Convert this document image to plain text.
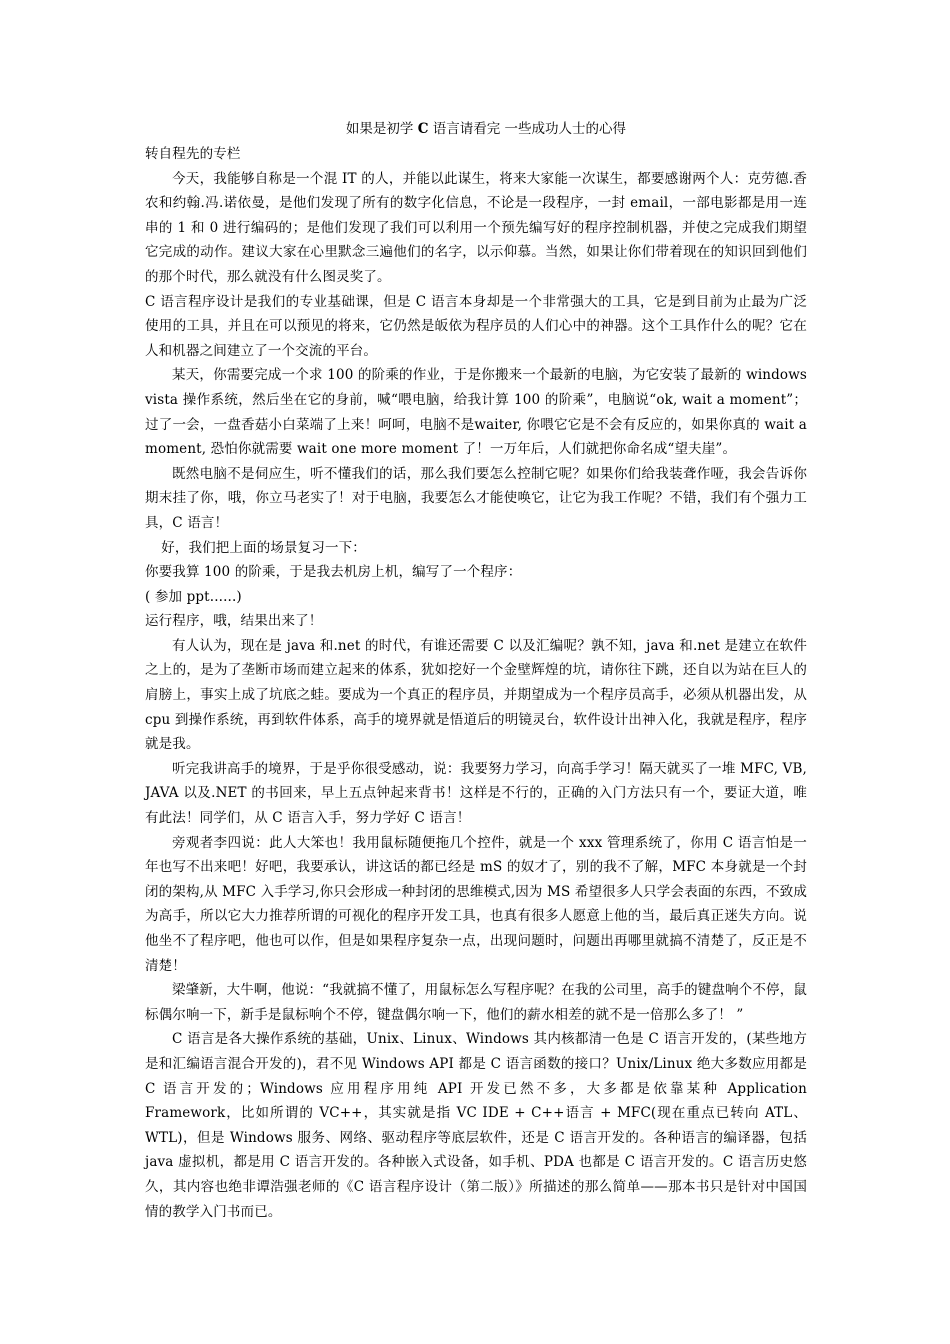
如果是初学 C 语言请看完 一些成功人士的心得

转自程先的专栏

今天，我能够自称是一个混 IT 的人，并能以此谋生，将来大家能一次谋生，都要感谢两个人：克劳德.香农和约翰.冯.诺依曼，是他们发现了所有的数字化信息，不论是一段程序，一封 email，一部电影都是用一连串的 1 和 0 进行编码的；是他们发现了我们可以利用一个预先编写好的程序控制机器，并使之完成我们期望它完成的动作。建议大家在心里默念三遍他们的名字，以示仰慕。当然，如果让你们带着现在的知识回到他们的那个时代，那么就没有什么图灵奖了。

C 语言程序设计是我们的专业基础课，但是 C 语言本身却是一个非常强大的工具，它是到目前为止最为广泛使用的工具，并且在可以预见的将来，它仍然是皈依为程序员的人们心中的神器。这个工具作什么的呢？它在人和机器之间建立了一个交流的平台。

某天，你需要完成一个求 100 的阶乘的作业，于是你搬来一个最新的电脑，为它安装了最新的 windows vista 操作系统，然后坐在它的身前，喊“喂电脑，给我计算 100 的阶乘”，电脑说“ok, wait a moment”； 过了一会，一盘香菇小白菜端了上来！呵呵，电脑不是waiter, 你喂它它是不会有反应的，如果你真的 wait a moment, 恐怕你就需要 wait one more moment 了！一万年后，人们就把你命名成“望夫崖”。

既然电脑不是伺应生，听不懂我们的话，那么我们要怎么控制它呢？如果你们给我装聋作哑，我会告诉你期末挂了你，哦，你立马老实了！对于电脑，我要怎么才能使唤它，让它为我工作呢？不错，我们有个强力工具，C 语言！

好，我们把上面的场景复习一下：

你要我算 100 的阶乘，于是我去机房上机，编写了一个程序：

( 参加 ppt......)

运行程序，哦，结果出来了！

有人认为，现在是 java 和.net 的时代，有谁还需要 C 以及汇编呢？孰不知，java 和.net 是建立在软件之上的，是为了垄断市场而建立起来的体系，犹如挖好一个金壁辉煌的坑，请你往下跳，还自以为站在巨人的肩膀上，事实上成了坑底之蛙。要成为一个真正的程序员，并期望成为一个程序员高手，必须从机器出发，从 cpu 到操作系统，再到软件体系，高手的境界就是悟道后的明镜灵台，软件设计出神入化，我就是程序，程序就是我。

听完我讲高手的境界，于是乎你很受感动，说：我要努力学习，向高手学习！隔天就买了一堆 MFC, VB, JAVA 以及.NET 的书回来，早上五点钟起来背书！这样是不行的，正确的入门方法只有一个，要证大道，唯有此法！同学们，从 C 语言入手，努力学好 C 语言！

旁观者李四说：此人大笨也！我用鼠标随便拖几个控件，就是一个 xxx 管理系统了，你用 C 语言怕是一年也写不出来吧！好吧，我要承认，讲这话的都已经是 mS 的奴才了，别的我不了解，MFC 本身就是一个封闭的架构,从 MFC 入手学习,你只会形成一种封闭的思维模式,因为 MS 希望很多人只学会表面的东西，不致成为高手，所以它大力推荐所谓的可视化的程序开发工具，也真有很多人愿意上他的当，最后真正迷失方向。说他坐不了程序吧，他也可以作，但是如果程序复杂一点，出现问题时，问题出再哪里就搞不清楚了，反正是不清楚！

梁肇新，大牛啊，他说：“我就搞不懂了，用鼠标怎么写程序呢？在我的公司里，高手的键盘响个不停，鼠标偶尔响一下，新手是鼠标响个不停，键盘偶尔响一下，他们的薪水相差的就不是一倍那么多了！ ”

C 语言是各大操作系统的基础，Unix、Linux、Windows 其内核都清一色是 C 语言开发的，(某些地方是和汇编语言混合开发的)，君不见 Windows API 都是 C 语言函数的接口？Unix/Linux 绝大多数应用都是 C 语言开发的；Windows 应用程序用纯 API 开发已然不多，大多都是依靠某种 Application Framework，比如所谓的 VC++，其实就是指 VC IDE + C++语言 + MFC(现在重点已转向 ATL、WTL)，但是 Windows 服务、网络、驱动程序等底层软件，还是 C 语言开发的。各种语言的编译器，包括 java 虚拟机，都是用 C 语言开发的。各种嵌入式设备，如手机、PDA 也都是 C 语言开发的。C 语言历史悠久，其内容也绝非谭浩强老师的《C 语言程序设计（第二版）》所描述的那么简单——那本书只是针对中国国情的教学入门书而已。
